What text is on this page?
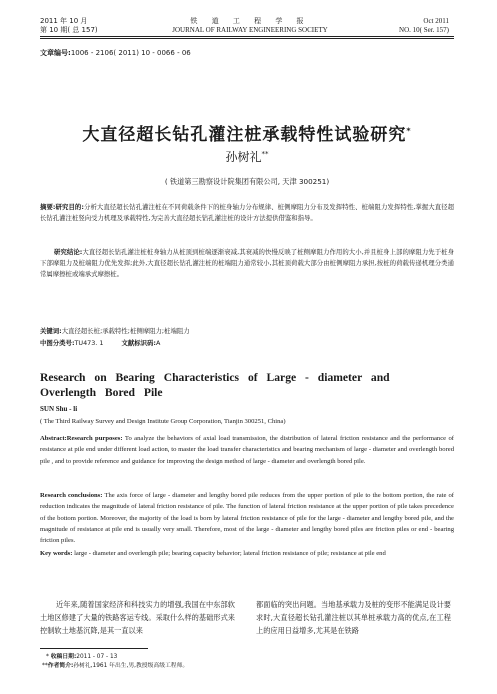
2011 年 10 月
第 10 期( 总 157)
铁 道 工 程 学 报
JOURNAL OF RAILWAY ENGINEERING SOCIETY
Oct 2011
NO. 10( Ser. 157)
文章编号:1006 - 2106( 2011) 10 - 0066 - 06
大直径超长钻孔灌注桩承载特性试验研究*
孙树礼**
( 铁道第三勘察设计院集团有限公司, 天津 300251)
摘要:研究目的:分析大直径超长钻孔灌注桩在不同荷载条件下的桩身轴力分布规律、桩侧摩阻力分布及发挥特性、桩端阻力发挥特性,掌握大直径超长钻孔灌注桩竖向受力机理及承载特性,为完善大直径超长钻孔灌注桩的设计方法提供借鉴和指导。
研究结论:大直径超长钻孔灌注桩桩身轴力从桩顶到桩端逐渐衰减,其衰减的快慢反映了桩侧摩阻力作用的大小,并且桩身上部的摩阻力先于桩身下部摩阻力及桩端阻力优先发挥;此外,大直径超长钻孔灌注桩的桩端阻力通常较小,其桩顶荷载大部分由桩侧摩阻力承担,按桩的荷载传递机理分类通常属摩擦桩或端承式摩擦桩。
关键词:大直径超长桩;承载特性;桩侧摩阻力;桩端阻力
中图分类号:TU473. 1	文献标识码:A
Research on Bearing Characteristics of Large - diameter and Overlength Bored Pile
SUN Shu - li
( The Third Railway Survey and Design Institute Group Corporation, Tianjin 300251, China)
Abstract:Research purposes: To analyze the behaviors of axial load transmission, the distribution of lateral friction resistance and the performance of resistance at pile end under different load action, to master the load transfer characteristics and bearing mechanism of large - diameter and overlength bored pile , and to provide reference and guidance for improving the design method of large - diameter and overlength bored pile.
Research conclusions: The axis force of large - diameter and lengthy bored pile reduces from the upper portion of pile to the bottom portion, the rate of reduction indicates the magnitude of lateral friction resistance of pile. The function of lateral friction resistance at the upper portion of pile takes precedence of the bottom portion. Moreover, the majority of the load is born by lateral friction resistance of pile for the large - diameter and lengthy bored pile, and the magnitude of resistance at pile end is usually very small. Therefore, most of the large - diameter and lengthy bored piles are friction piles or end - bearing friction piles.
Key words: large - diameter and overlength pile; bearing capacity behavior; lateral friction resistance of pile; resistance at pile end
近年来,随着国家经济和科技实力的增强,我国在中东部软土地区修建了大量的铁路客运专线。采取什么样的基础形式来控制软土地基沉降,是其一直以来
都面临的突出问题。当地基承载力及桩的变形不能满足设计要求时,大直径超长钻孔灌注桩以其单桩承载力高的优点,在工程上的应用日益增多,尤其是在铁路
* 收稿日期:2011 - 07 - 13
**作者简介:孙树礼,1961 年出生,男,教授级高级工程师。
